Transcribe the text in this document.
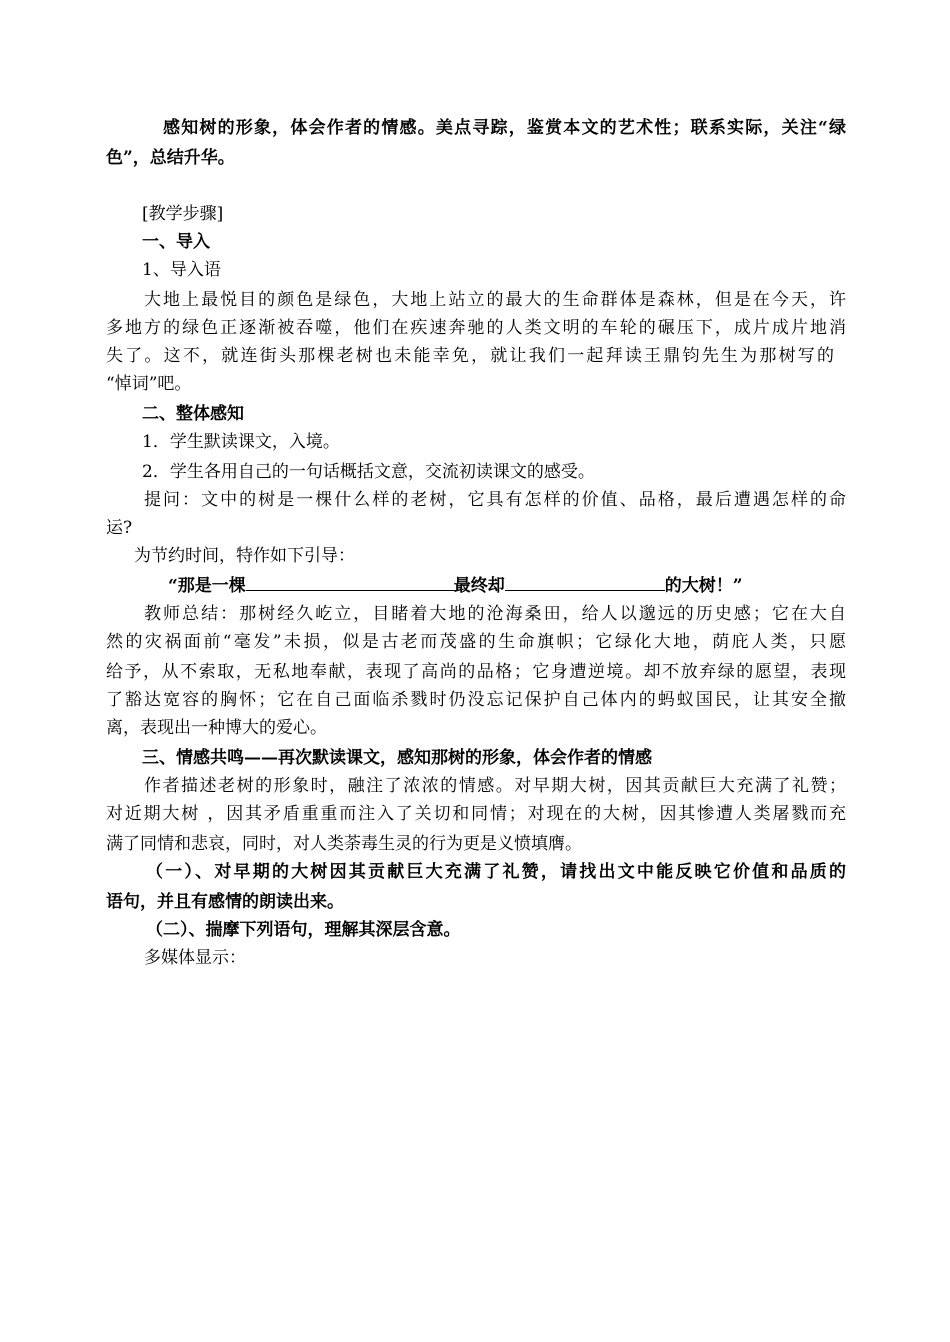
感知树的形象，体会作者的情感。美点寻踪，鉴赏本文的艺术性；联系实际，关注“绿
色”，总结升华。
[教学步骤]
一、导入
1、导入语
大地上最悦目的颜色是绿色，大地上站立的最大的生命群体是森林，但是在今天，许
多地方的绿色正逐渐被吞噬，他们在疾速奔驰的人类文明的车轮的碾压下，成片成片地消
失了。这不，就连街头那棵老树也未能幸免，就让我们一起拜读王鼎钧先生为那树写的
“悼词”吧。
二、整体感知
1．学生默读课文，入境。
2．学生各用自己的一句话概括文意，交流初读课文的感受。
提问：文中的树是一棵什么样的老树，它具有怎样的价值、品格，最后遭遇怎样的命
运?
为节约时间，特作如下引导：
“那是一棵	最终却	的大树！”
教师总结：那树经久屹立，目睹着大地的沧海桑田，给人以邈远的历史感；它在大自
然的灾祸面前“毫发”未损，似是古老而茂盛的生命旗帜；它绿化大地，荫庇人类，只愿
给予，从不索取，无私地奉献，表现了高尚的品格；它身遭逆境。却不放弃绿的愿望，表现
了豁达宽容的胸怀；它在自己面临杀戮时仍没忘记保护自己体内的蚂蚁国民，让其安全撤
离，表现出一种博大的爱心。
三、情感共鸣——再次默读课文，感知那树的形象，体会作者的情感
作者描述老树的形象时，融注了浓浓的情感。对早期大树，因其贡献巨大充满了礼赞；
对近期大树 ，因其矛盾重重而注入了关切和同情；对现在的大树，因其惨遭人类屠戮而充
满了同情和悲哀，同时，对人类荼毒生灵的行为更是义愤填膺。
（一）、对早期的大树因其贡献巨大充满了礼赞，请找出文中能反映它价值和品质的
语句，并且有感情的朗读出来。
（二）、揣摩下列语句，理解其深层含意。
多媒体显示：
